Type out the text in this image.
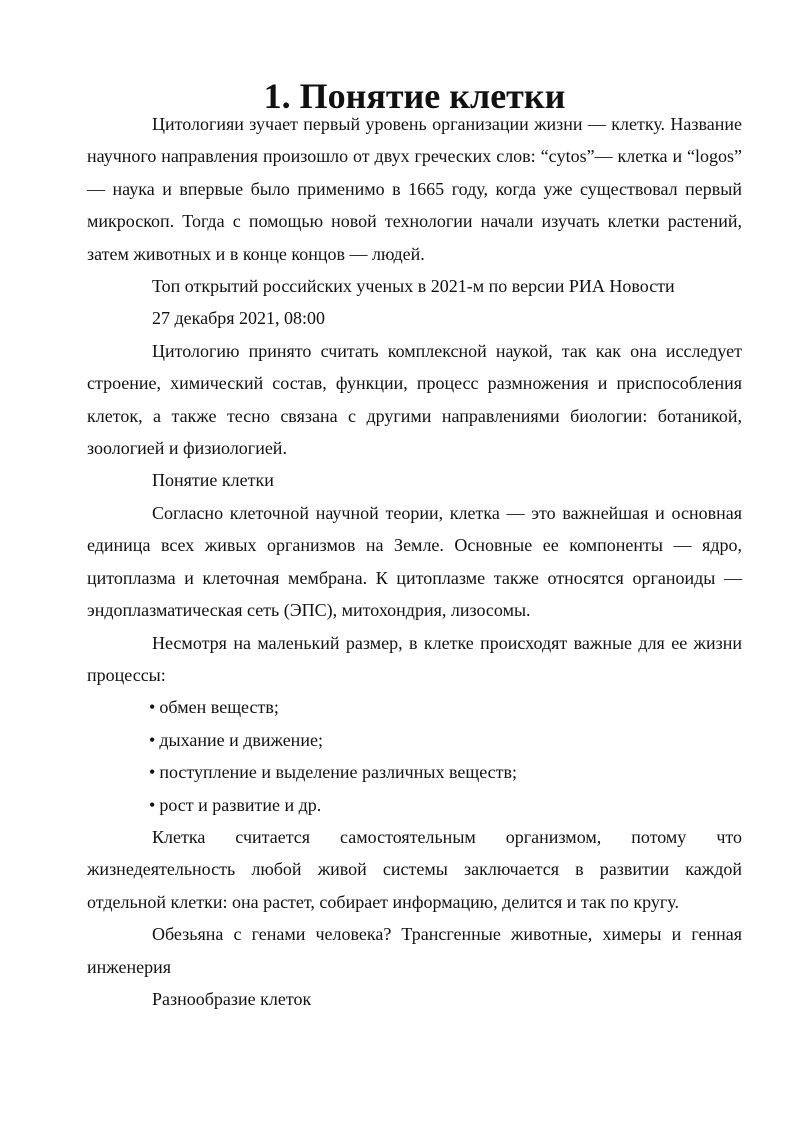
1. Понятие клетки

Цитологияи зучает первый уровень организации жизни — клетку. Название научного направления произошло от двух греческих слов: “cytos”— клетка и “logos” — наука и впервые было применимо в 1665 году, когда уже существовал первый микроскоп. Тогда с помощью новой технологии начали изучать клетки растений, затем животных и в конце концов — людей.

Топ открытий российских ученых в 2021-м по версии РИА Новости

27 декабря 2021, 08:00

Цитологию принято считать комплексной наукой, так как она исследует строение, химический состав, функции, процесс размножения и приспособления клеток, а также тесно связана с другими направлениями биологии: ботаникой, зоологией и физиологией.

Понятие клетки

Согласно клеточной научной теории, клетка — это важнейшая и основная единица всех живых организмов на Земле. Основные ее компоненты — ядро, цитоплазма и клеточная мембрана. К цитоплазме также относятся органоиды — эндоплазматическая сеть (ЭПС), митохондрия, лизосомы.

Несмотря на маленький размер, в клетке происходят важные для ее жизни процессы:

• обмен веществ;

• дыхание и движение;

• поступление и выделение различных веществ;

• рост и развитие и др.

Клетка считается самостоятельным организмом, потому что жизнедеятельность любой живой системы заключается в развитии каждой отдельной клетки: она растет, собирает информацию, делится и так по кругу.

Обезьяна с генами человека? Трансгенные животные, химеры и генная инженерия

Разнообразие клеток
